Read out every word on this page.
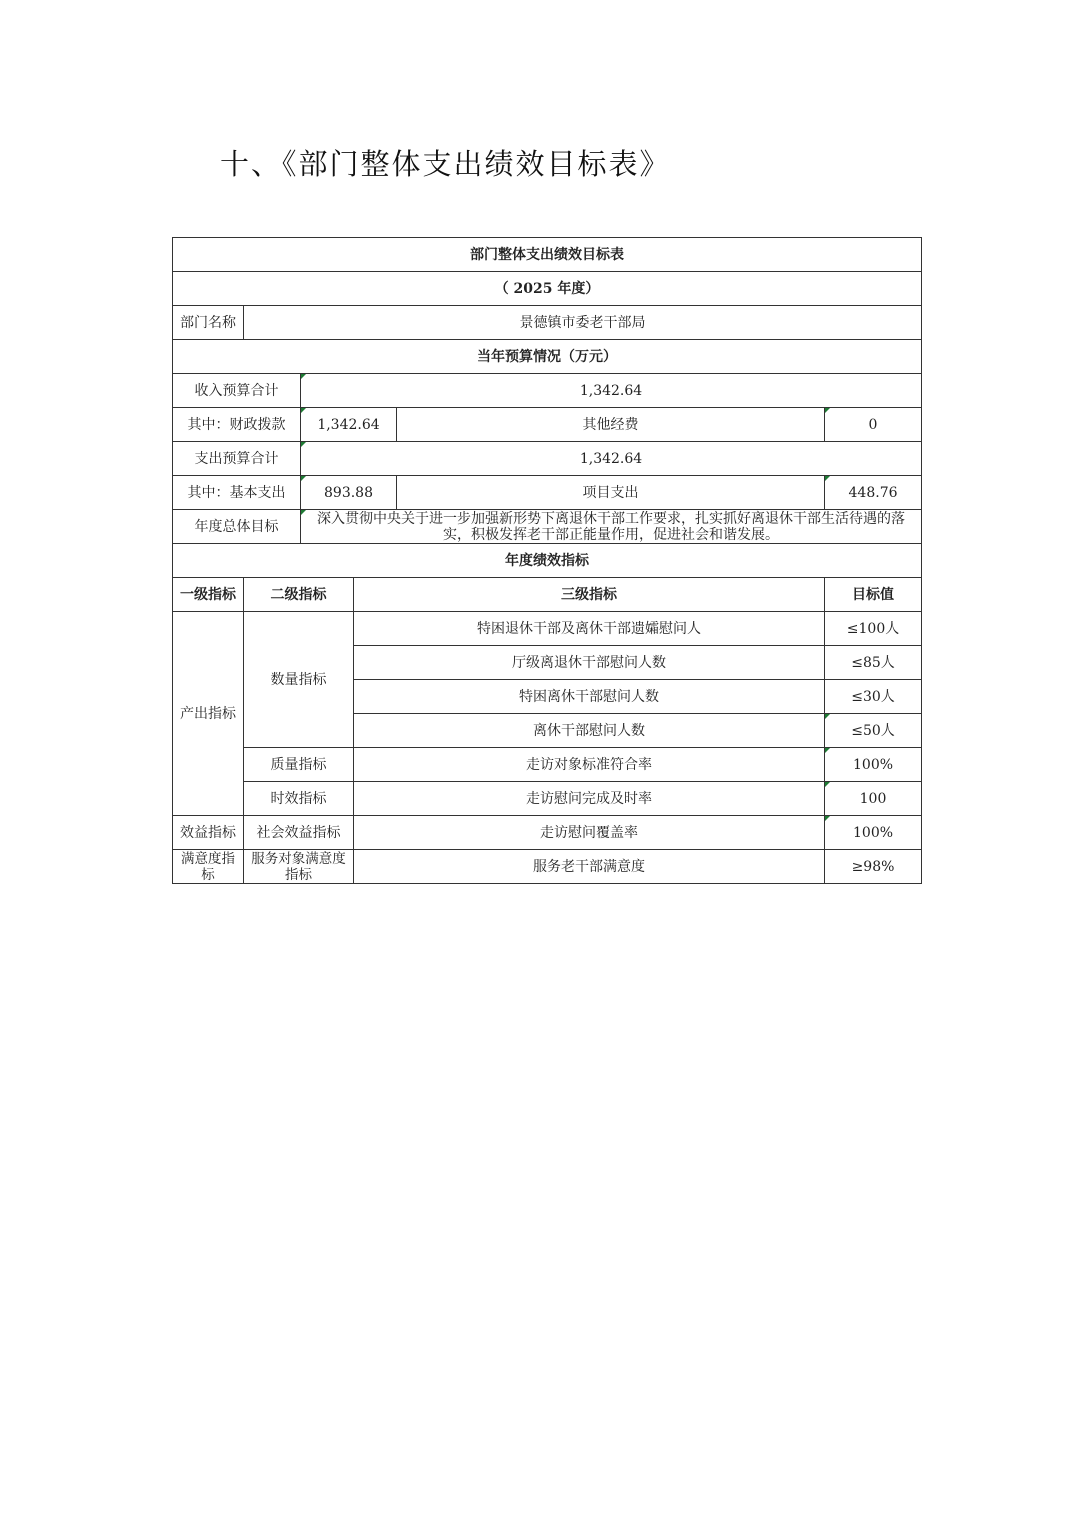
十、《部门整体支出绩效目标表》
部门整体支出绩效目标表					
（ 2025 年度）					
部门名称	景德镇市委老干部局				
当年预算情况（万元）					
收入预算合计		1,342.64			
其中：财政拨款		1,342.64		其他经费	0
支出预算合计		1,342.64			
其中：基本支出		893.88		项目支出	448.76
年度总体目标		深入贯彻中央关于进一步加强新形势下离退休干部工作要求，扎实抓好离退休干部生活待遇的落实，积极发挥老干部正能量作用，促进社会和谐发展。			
年度绩效指标					
一级指标	二级指标		三级指标		目标值
产出指标	数量指标		特困退休干部及离休干部遗孀慰问人		≤100人
			厅级离退休干部慰问人数		≤85人
			特困离休干部慰问人数		≤30人
			离休干部慰问人数		≤50人
	质量指标		走访对象标准符合率		100%
	时效指标		走访慰问完成及时率		100
效益指标	社会效益指标		走访慰问覆盖率		100%
满意度指标	服务对象满意度指标		服务老干部满意度		≥98%
